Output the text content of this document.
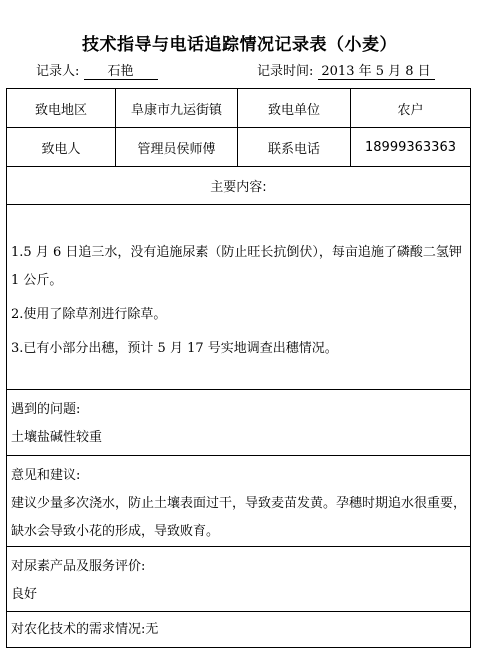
技术指导与电话追踪情况记录表（小麦）
记录人: 石艳	记录时间: 2013 年 5 月 8 日
致电地区	阜康市九运街镇	致电单位	农户
致电人	管理员侯师傅	联系电话	18999363363
主要内容:

1.5 月 6 日追三水，没有追施尿素（防止旺长抗倒伏），每亩追施了磷酸二氢钾 1 公斤。

2.使用了除草剂进行除草。

3.已有小部分出穗，预计 5 月 17 号实地调查出穗情况。

遇到的问题:

土壤盐碱性较重

意见和建议:

建议少量多次浇水，防止土壤表面过干，导致麦苗发黄。孕穗时期追水很重要，缺水会导致小花的形成，导致败育。

对尿素产品及服务评价:

良好

对农化技术的需求情况:无
